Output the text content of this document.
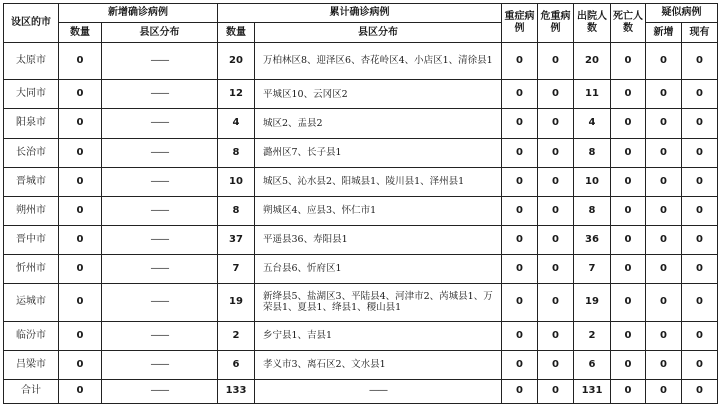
设区的市	新增确诊病例		累计确诊病例		重症病例	危重病例	出院人数	死亡人数	疑似病例	
	数量	县区分布	数量	县区分布					新增	现有
太原市	0	——	20	万柏林区8、迎泽区6、杏花岭区4、小店区1、清徐县1	0	0	20	0	0	0
大同市	0	——	12	平城区10、云冈区2	0	0	11	0	0	0
阳泉市	0	——	4	城区2、盂县2	0	0	4	0	0	0
长治市	0	——	8	潞州区7、长子县1	0	0	8	0	0	0
晋城市	0	——	10	城区5、沁水县2、阳城县1、陵川县1、泽州县1	0	0	10	0	0	0
朔州市	0	——	8	朔城区4、应县3、怀仁市1	0	0	8	0	0	0
晋中市	0	——	37	平遥县36、寿阳县1	0	0	36	0	0	0
忻州市	0	——	7	五台县6、忻府区1	0	0	7	0	0	0
运城市	0	——	19	新绛县5、盐湖区3、平陆县4、河津市2、芮城县1、万荣县1、夏县1、绛县1、稷山县1	0	0	19	0	0	0
临汾市	0	——	2	乡宁县1、吉县1	0	0	2	0	0	0
吕梁市	0	——	6	孝义市3、离石区2、文水县1	0	0	6	0	0	0
合计	0	——	133	——	0	0	131	0	0	0
